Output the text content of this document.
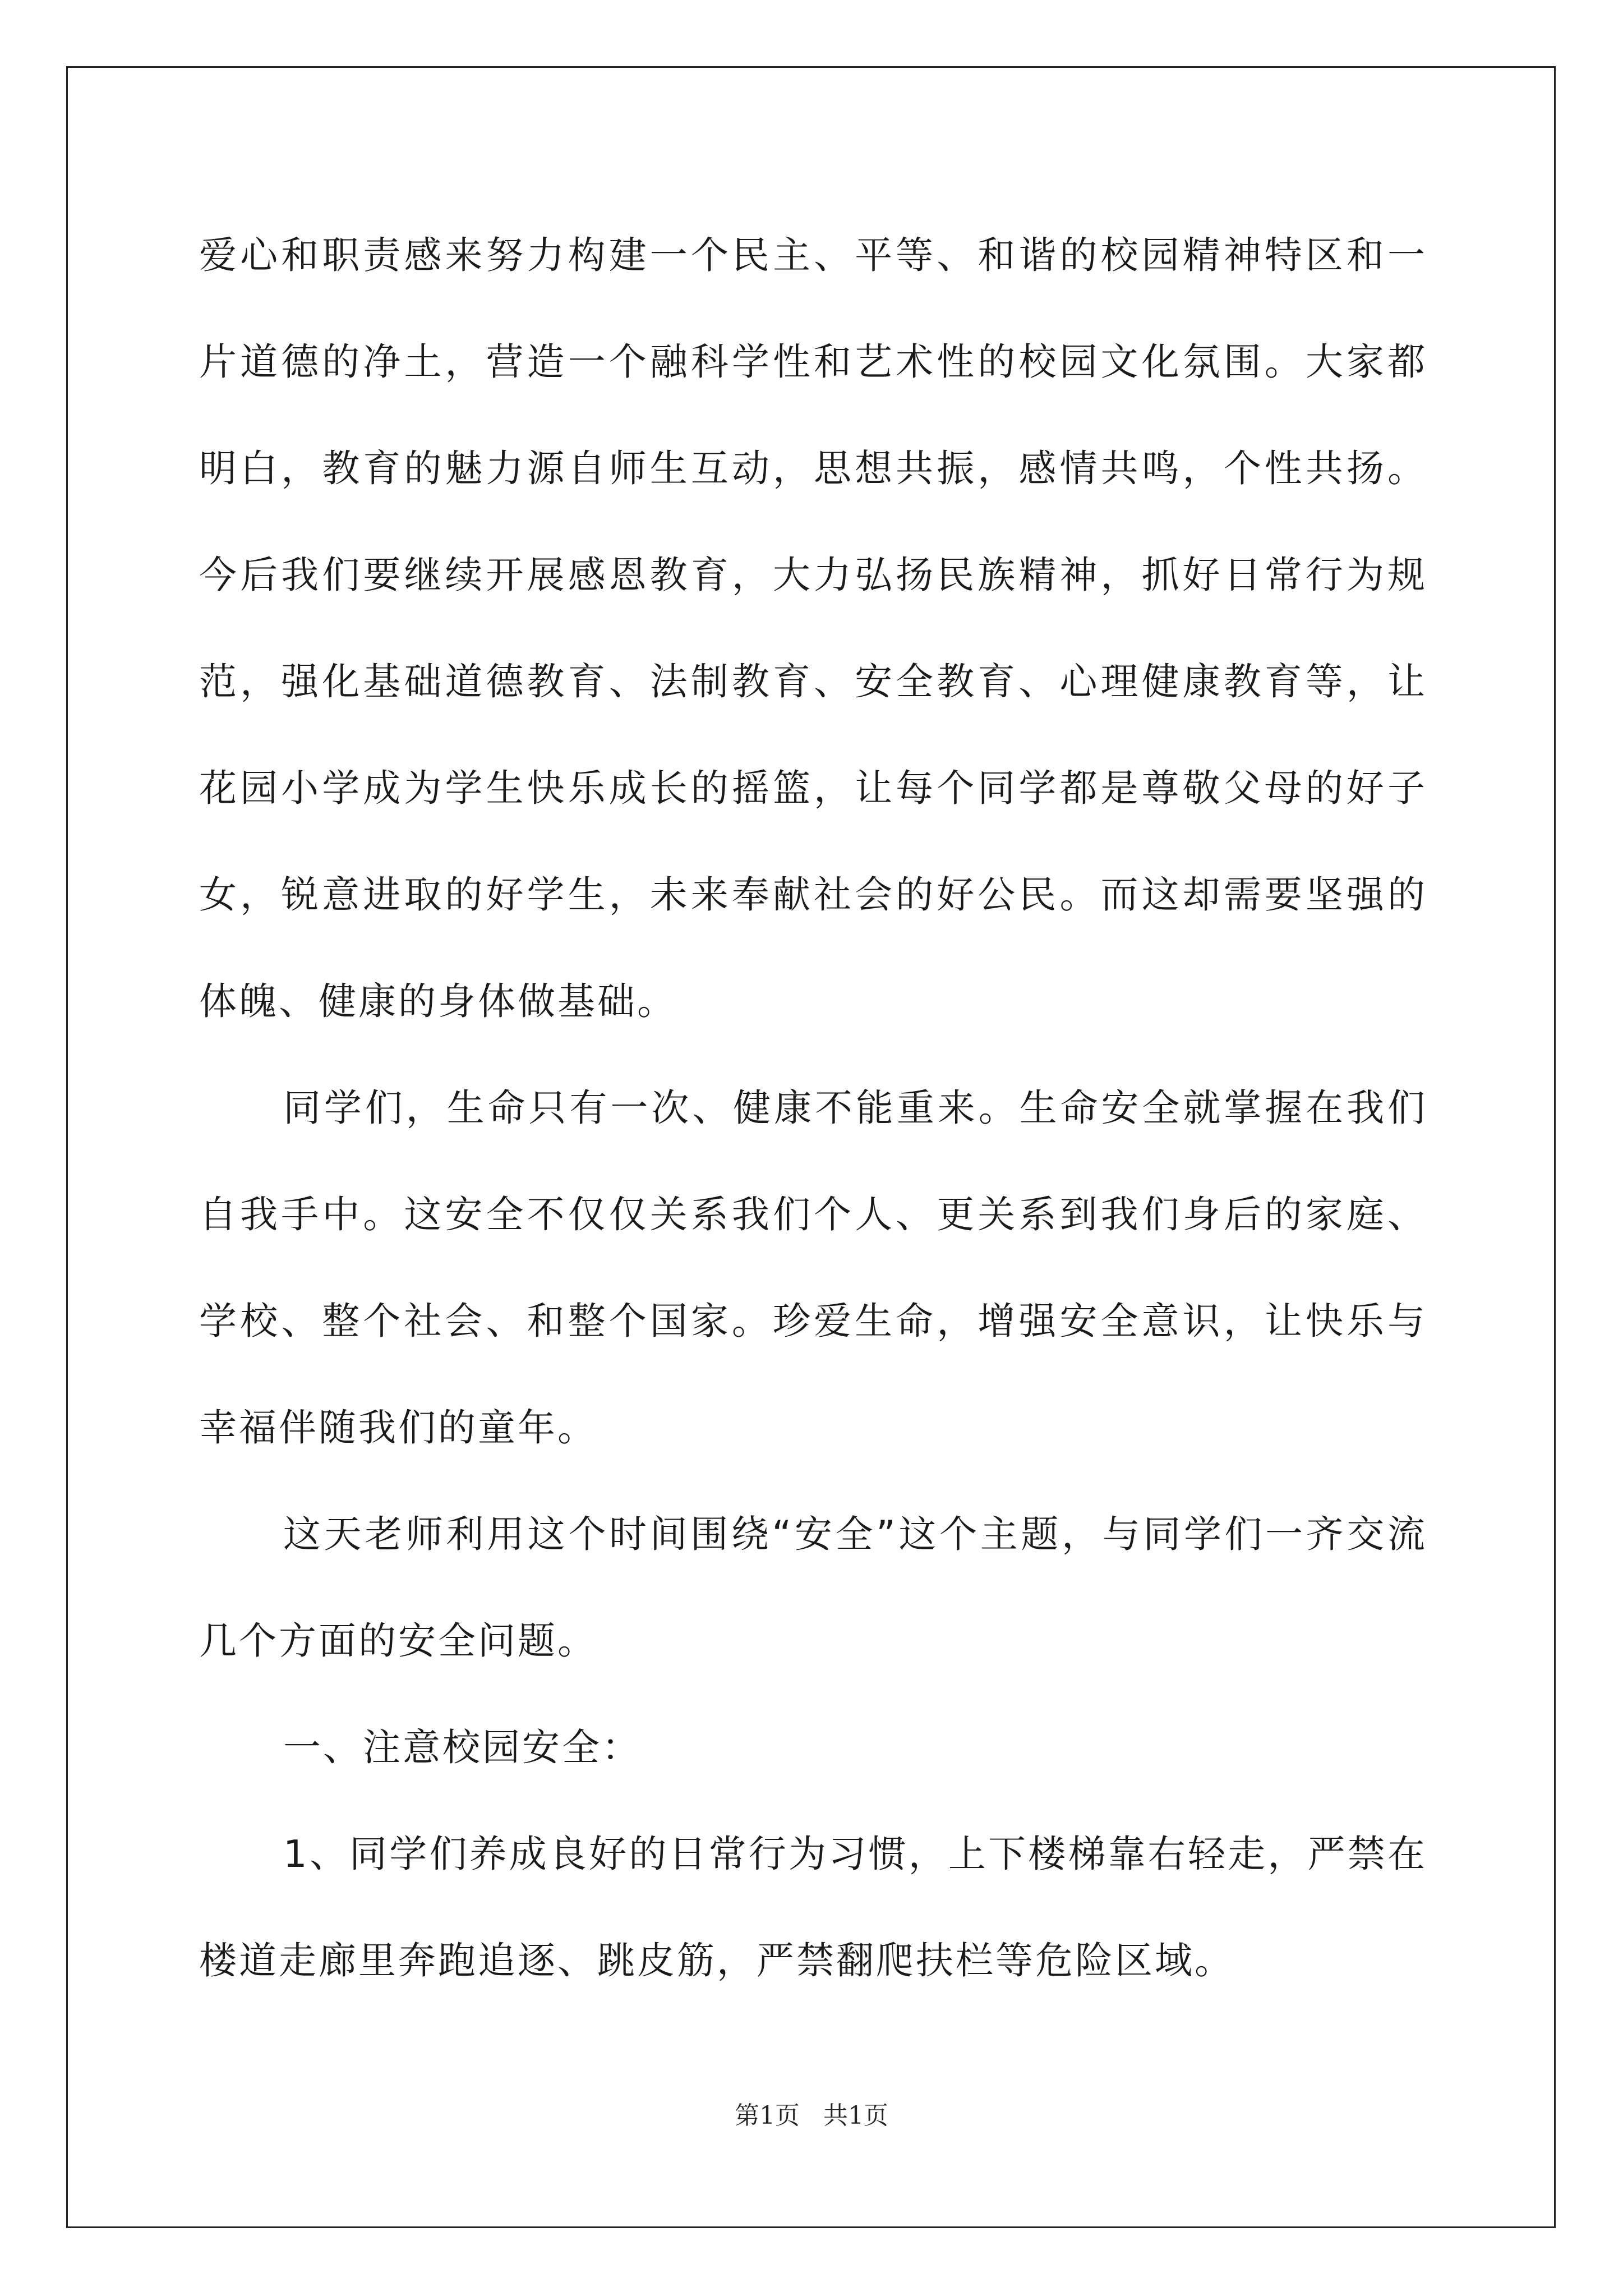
爱心和职责感来努力构建一个民主、平等、和谐的校园精神特区和一片道德的净土，营造一个融科学性和艺术性的校园文化氛围。大家都明白，教育的魅力源自师生互动，思想共振，感情共鸣，个性共扬。今后我们要继续开展感恩教育，大力弘扬民族精神，抓好日常行为规范，强化基础道德教育、法制教育、安全教育、心理健康教育等，让花园小学成为学生快乐成长的摇篮，让每个同学都是尊敬父母的好子女，锐意进取的好学生，未来奉献社会的好公民。而这却需要坚强的体魄、健康的身体做基础。

同学们，生命只有一次、健康不能重来。生命安全就掌握在我们自我手中。这安全不仅仅关系我们个人、更关系到我们身后的家庭、学校、整个社会、和整个国家。珍爱生命，增强安全意识，让快乐与幸福伴随我们的童年。

这天老师利用这个时间围绕“安全”这个主题，与同学们一齐交流几个方面的安全问题。

一、注意校园安全：

1、同学们养成良好的日常行为习惯，上下楼梯靠右轻走，严禁在楼道走廊里奔跑追逐、跳皮筋，严禁翻爬扶栏等危险区域。

第1页   共1页
